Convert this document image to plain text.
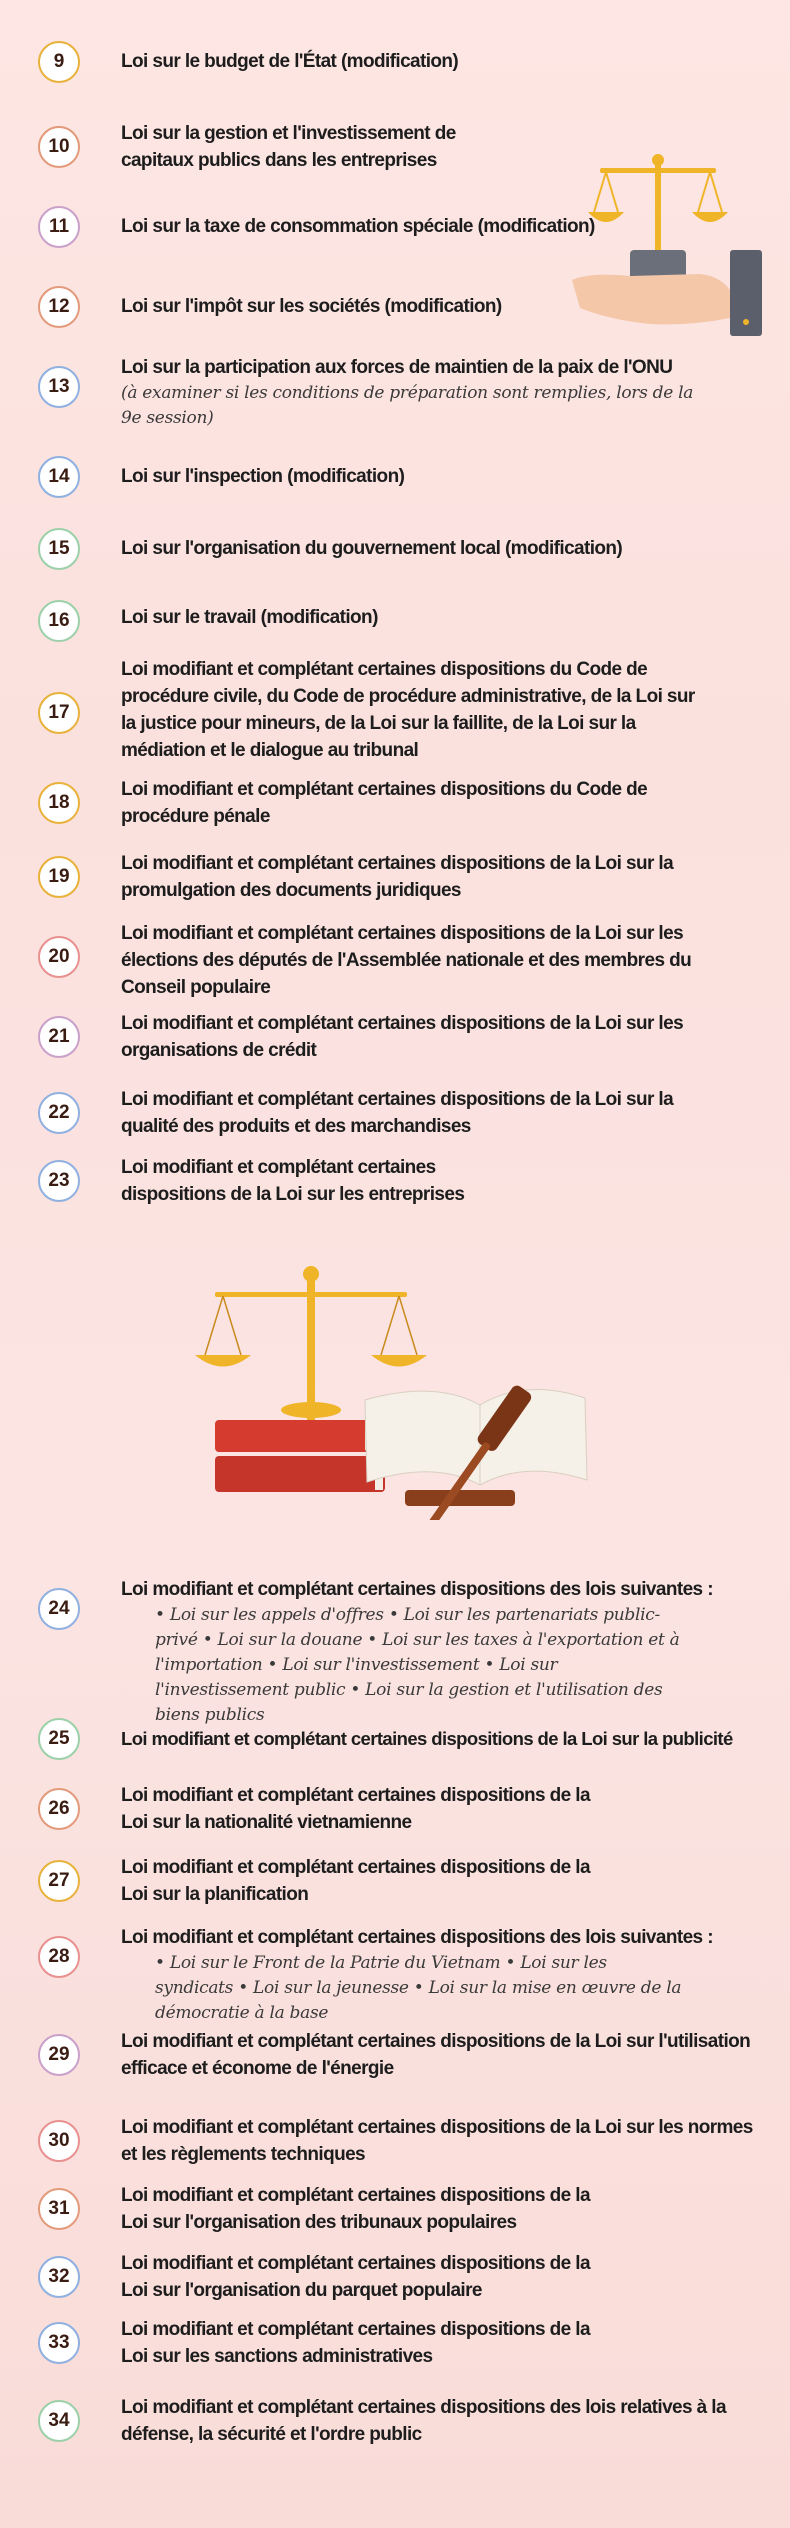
9	Loi sur le budget de l'État (modification)
10
Loi sur la gestion et l'investissement de capitaux publics dans les entreprises
11	Loi sur la taxe de consommation spéciale (modification)
12	Loi sur l'impôt sur les sociétés (modification)
13
Loi sur la participation aux forces de maintien de la paix de l'ONU
(à examiner si les conditions de préparation sont remplies, lors de la 9e session)
14	Loi sur l'inspection (modification)
15	Loi sur l'organisation du gouvernement local (modification)
16	Loi sur le travail (modification)
17
Loi modifiant et complétant certaines dispositions du Code de procédure civile, du Code de procédure administrative, de la Loi sur la justice pour mineurs, de la Loi sur la faillite, de la Loi sur la médiation et le dialogue au tribunal
18
Loi modifiant et complétant certaines dispositions du Code de procédure pénale
19
Loi modifiant et complétant certaines dispositions de la Loi sur la promulgation des documents juridiques
20
Loi modifiant et complétant certaines dispositions de la Loi sur les élections des députés de l'Assemblée nationale et des membres du Conseil populaire
21
Loi modifiant et complétant certaines dispositions de la Loi sur les organisations de crédit
22
Loi modifiant et complétant certaines dispositions de la Loi sur la qualité des produits et des marchandises
23
Loi modifiant et complétant certaines dispositions de la Loi sur les entreprises
24
Loi modifiant et complétant certaines dispositions des lois suivantes :
• Loi sur les appels d'offres • Loi sur les partenariats public-privé • Loi sur la douane • Loi sur les taxes à l'exportation et à l'importation • Loi sur l'investissement • Loi sur l'investissement public • Loi sur la gestion et l'utilisation des biens publics
25	Loi modifiant et complétant certaines dispositions de la Loi sur la publicité
26
Loi modifiant et complétant certaines dispositions de la Loi sur la nationalité vietnamienne
27
Loi modifiant et complétant certaines dispositions de la Loi sur la planification
28
Loi modifiant et complétant certaines dispositions des lois suivantes :
• Loi sur le Front de la Patrie du Vietnam • Loi sur les syndicats • Loi sur la jeunesse • Loi sur la mise en œuvre de la démocratie à la base
29
Loi modifiant et complétant certaines dispositions de la Loi sur l'utilisation efficace et économe de l'énergie
30
Loi modifiant et complétant certaines dispositions de la Loi sur les normes et les règlements techniques
31
Loi modifiant et complétant certaines dispositions de la Loi sur l'organisation des tribunaux populaires
32
Loi modifiant et complétant certaines dispositions de la Loi sur l'organisation du parquet populaire
33
Loi modifiant et complétant certaines dispositions de la Loi sur les sanctions administratives
34
Loi modifiant et complétant certaines dispositions des lois relatives à la défense, la sécurité et l'ordre public
